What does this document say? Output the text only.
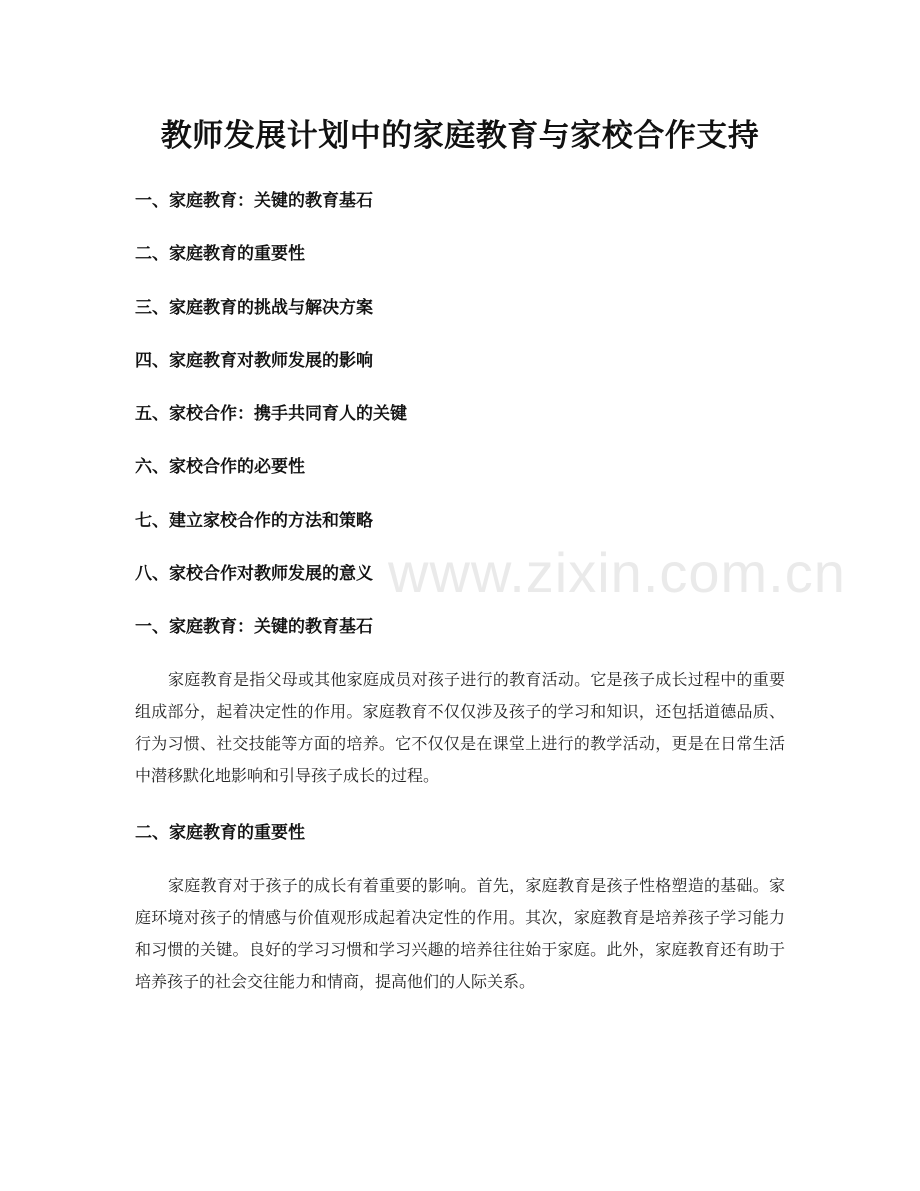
教师发展计划中的家庭教育与家校合作支持
一、家庭教育：关键的教育基石
二、家庭教育的重要性
三、家庭教育的挑战与解决方案
四、家庭教育对教师发展的影响
五、家校合作：携手共同育人的关键
六、家校合作的必要性
七、建立家校合作的方法和策略
八、家校合作对教师发展的意义
一、家庭教育：关键的教育基石

家庭教育是指父母或其他家庭成员对孩子进行的教育活动。它是孩子成长过程中的重要组成部分，起着决定性的作用。家庭教育不仅仅涉及孩子的学习和知识，还包括道德品质、行为习惯、社交技能等方面的培养。它不仅仅是在课堂上进行的教学活动，更是在日常生活中潜移默化地影响和引导孩子成长的过程。

二、家庭教育的重要性

家庭教育对于孩子的成长有着重要的影响。首先，家庭教育是孩子性格塑造的基础。家庭环境对孩子的情感与价值观形成起着决定性的作用。其次，家庭教育是培养孩子学习能力和习惯的关键。良好的学习习惯和学习兴趣的培养往往始于家庭。此外，家庭教育还有助于培养孩子的社会交往能力和情商，提高他们的人际关系。

www.zixin.com.cn
